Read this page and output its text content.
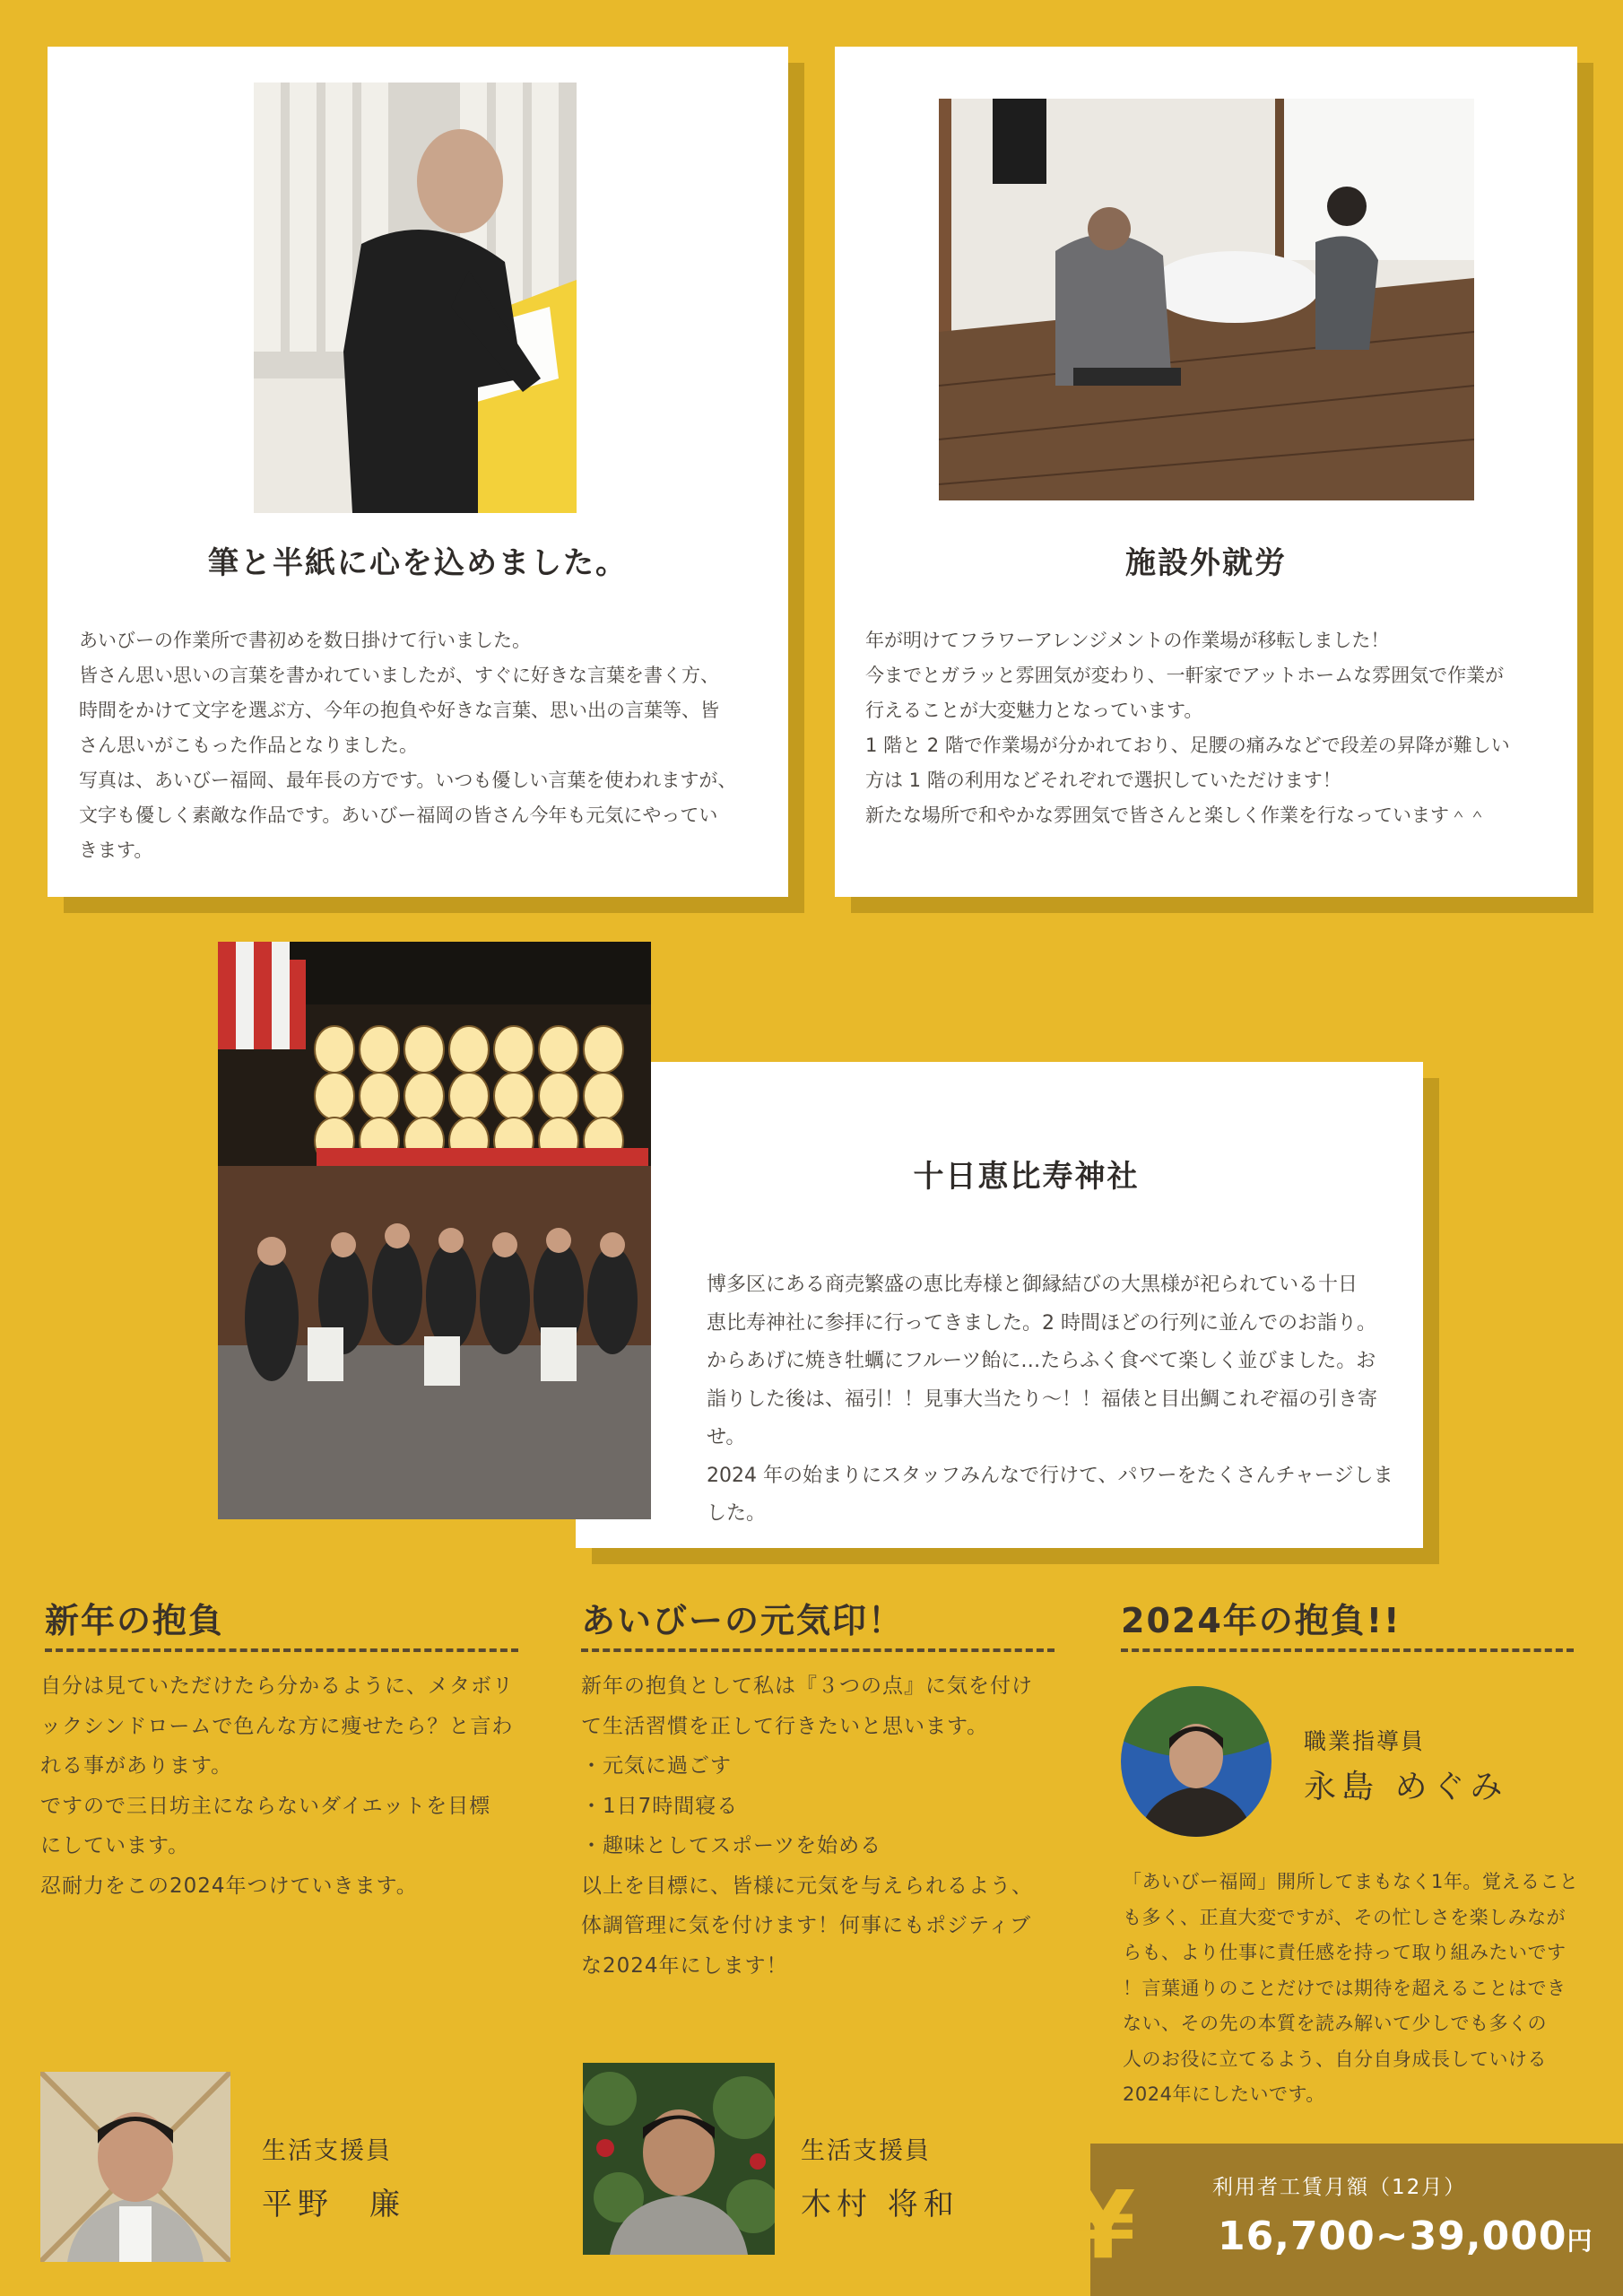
筆と半紙に心を込めました。
あいびーの作業所で書初めを数日掛けて行いました。
皆さん思い思いの言葉を書かれていましたが、すぐに好きな言葉を書く方、
時間をかけて文字を選ぶ方、今年の抱負や好きな言葉、思い出の言葉等、皆
さん思いがこもった作品となりました。
写真は、あいびー福岡、最年長の方です。いつも優しい言葉を使われますが、
文字も優しく素敵な作品です。あいびー福岡の皆さん今年も元気にやってい
きます。
施設外就労
年が明けてフラワーアレンジメントの作業場が移転しました！
今までとガラッと雰囲気が変わり、一軒家でアットホームな雰囲気で作業が
行えることが大変魅力となっています。
1 階と 2 階で作業場が分かれており、足腰の痛みなどで段差の昇降が難しい
方は 1 階の利用などそれぞれで選択していただけます！
新たな場所で和やかな雰囲気で皆さんと楽しく作業を行なっています＾＾
十日恵比寿神社
博多区にある商売繁盛の恵比寿様と御縁結びの大黒様が祀られている十日
恵比寿神社に参拝に行ってきました。2 時間ほどの行列に並んでのお詣り。
からあげに焼き牡蠣にフルーツ飴に…たらふく食べて楽しく並びました。お
詣りした後は、福引！！見事大当たり〜！！福俵と目出鯛これぞ福の引き寄せ。
2024 年の始まりにスタッフみんなで行けて、パワーをたくさんチャージしま
した。
新年の抱負
自分は見ていただけたら分かるように、メタボリ
ックシンドロームで色んな方に痩せたら？と言わ
れる事があります。
ですので三日坊主にならないダイエットを目標
にしています。
忍耐力をこの2024年つけていきます。
生活支援員
平野　廉
あいびーの元気印！
新年の抱負として私は『３つの点』に気を付け
て生活習慣を正して行きたいと思います。
・元気に過ごす
・1日7時間寝る
・趣味としてスポーツを始める
以上を目標に、皆様に元気を与えられるよう、
体調管理に気を付けます！何事にもポジティブ
な2024年にします！
生活支援員
木村 将和
2024年の抱負!!
職業指導員
永島 めぐみ
「あいびー福岡」開所してまもなく1年。覚えること
も多く、正直大変ですが、その忙しさを楽しみなが
らも、より仕事に責任感を持って取り組みたいです
！言葉通りのことだけでは期待を超えることはでき
ない、その先の本質を読み解いて少しでも多くの
人のお役に立てるよう、自分自身成長していける
2024年にしたいです。
¥	利用者工賃月額（12月）
16,700~39,000円
